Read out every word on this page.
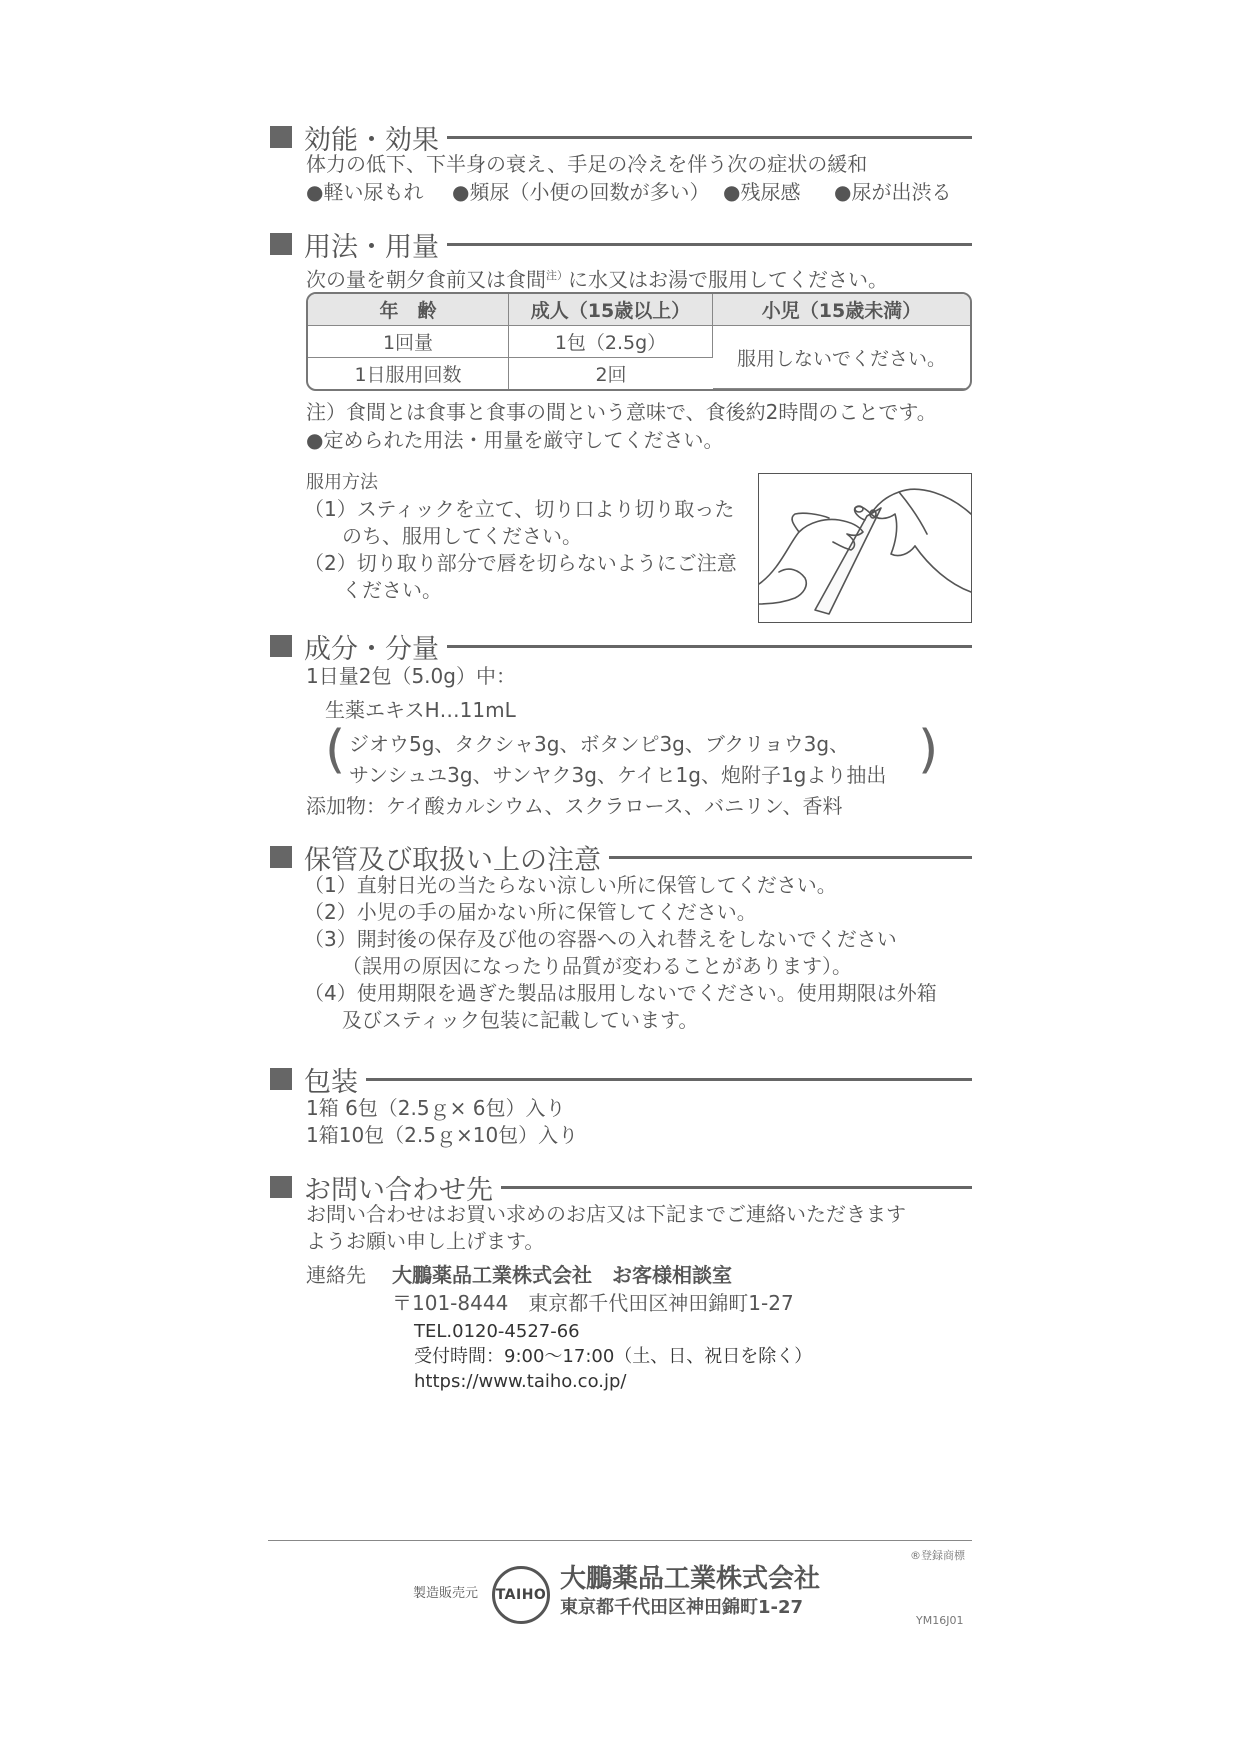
効能・効果
体力の低下、下半身の衰え、手足の冷えを伴う次の症状の緩和
●軽い尿もれ ●頻尿（小便の回数が多い） ●残尿感 ●尿が出渋る
用法・用量
次の量を朝夕食前又は食間$^{注)}$に水又はお湯で服用してください。
年　齢	成人（15歳以上）	小児（15歳未満）
1回量	1包（2.5g）	服用しないでください。
1日服用回数	2回	
注）食間とは食事と食事の間という意味で、食後約2時間のことです。
●定められた用法・用量を厳守してください。
服用方法
（1）スティックを立て、切り口より切り取った
のち、服用してください。
（2）切り取り部分で唇を切らないようにご注意
ください。
成分・分量
1日量2包（5.0g）中：
生薬エキスH…11mL
( ジオウ5g、タクシャ3g、ボタンピ3g、ブクリョウ3g、
サンシュユ3g、サンヤク3g、ケイヒ1g、炮附子1gより抽出 )
添加物：ケイ酸カルシウム、スクラロース、バニリン、香料
保管及び取扱い上の注意
（1）直射日光の当たらない涼しい所に保管してください。
（2）小児の手の届かない所に保管してください。
（3）開封後の保存及び他の容器への入れ替えをしないでください
（誤用の原因になったり品質が変わることがあります）。
（4）使用期限を過ぎた製品は服用しないでください。使用期限は外箱
及びスティック包装に記載しています。
包装
1箱 6包（2.5ｇ× 6包）入り
1箱10包（2.5ｇ×10包）入り
お問い合わせ先
お問い合わせはお買い求めのお店又は下記までご連絡いただきます
ようお願い申し上げます。
連絡先 大鵬薬品工業株式会社　お客様相談室
〒101-8444　東京都千代田区神田錦町1-27
TEL.0120-4527-66
受付時間：9:00～17:00（土、日、祝日を除く）
https://www.taiho.co.jp/
®登録商標
製造販売元 TAIHO
大鵬薬品工業株式会社
東京都千代田区神田錦町1-27
YM16J01
